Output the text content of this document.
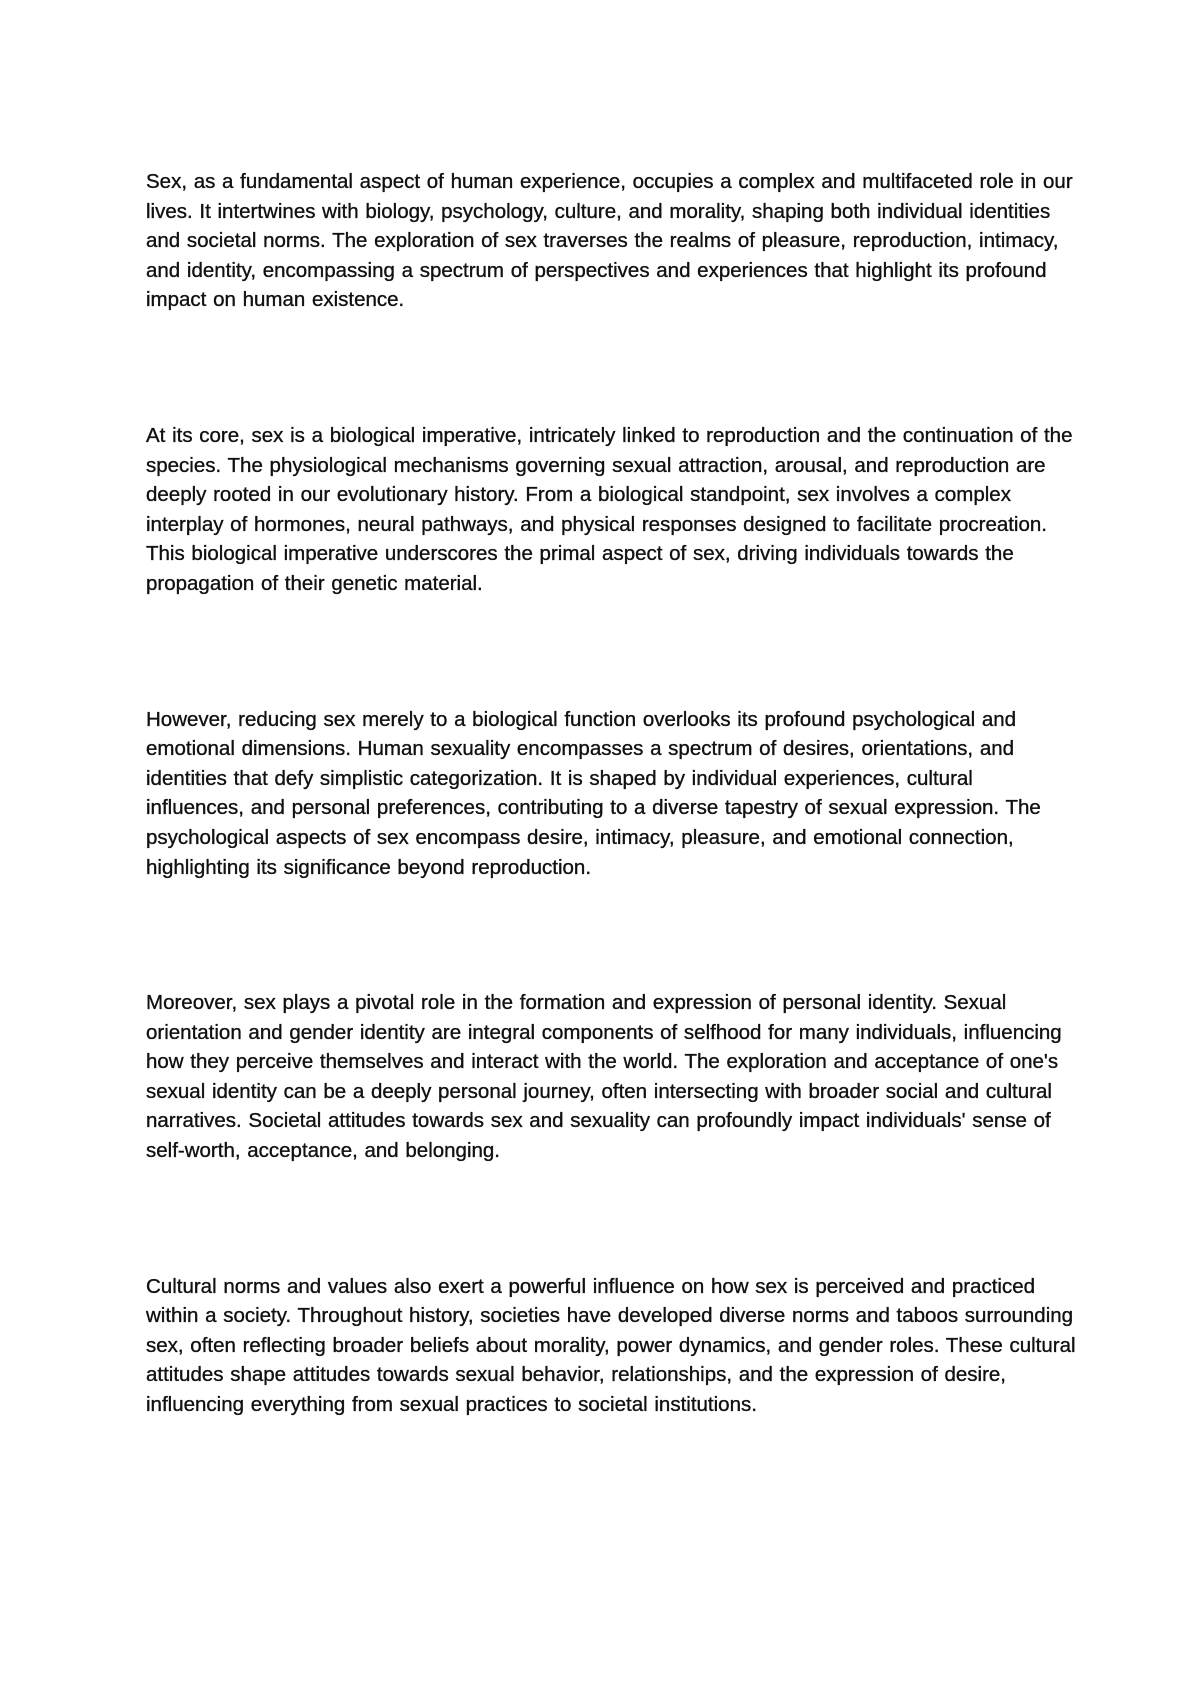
Sex, as a fundamental aspect of human experience, occupies a complex and multifaceted role in our lives. It intertwines with biology, psychology, culture, and morality, shaping both individual identities and societal norms. The exploration of sex traverses the realms of pleasure, reproduction, intimacy, and identity, encompassing a spectrum of perspectives and experiences that highlight its profound impact on human existence.

At its core, sex is a biological imperative, intricately linked to reproduction and the continuation of the species. The physiological mechanisms governing sexual attraction, arousal, and reproduction are deeply rooted in our evolutionary history. From a biological standpoint, sex involves a complex interplay of hormones, neural pathways, and physical responses designed to facilitate procreation. This biological imperative underscores the primal aspect of sex, driving individuals towards the propagation of their genetic material.

However, reducing sex merely to a biological function overlooks its profound psychological and emotional dimensions. Human sexuality encompasses a spectrum of desires, orientations, and identities that defy simplistic categorization. It is shaped by individual experiences, cultural influences, and personal preferences, contributing to a diverse tapestry of sexual expression. The psychological aspects of sex encompass desire, intimacy, pleasure, and emotional connection, highlighting its significance beyond reproduction.

Moreover, sex plays a pivotal role in the formation and expression of personal identity. Sexual orientation and gender identity are integral components of selfhood for many individuals, influencing how they perceive themselves and interact with the world. The exploration and acceptance of one's sexual identity can be a deeply personal journey, often intersecting with broader social and cultural narratives. Societal attitudes towards sex and sexuality can profoundly impact individuals' sense of self-worth, acceptance, and belonging.

Cultural norms and values also exert a powerful influence on how sex is perceived and practiced within a society. Throughout history, societies have developed diverse norms and taboos surrounding sex, often reflecting broader beliefs about morality, power dynamics, and gender roles. These cultural attitudes shape attitudes towards sexual behavior, relationships, and the expression of desire, influencing everything from sexual practices to societal institutions.
